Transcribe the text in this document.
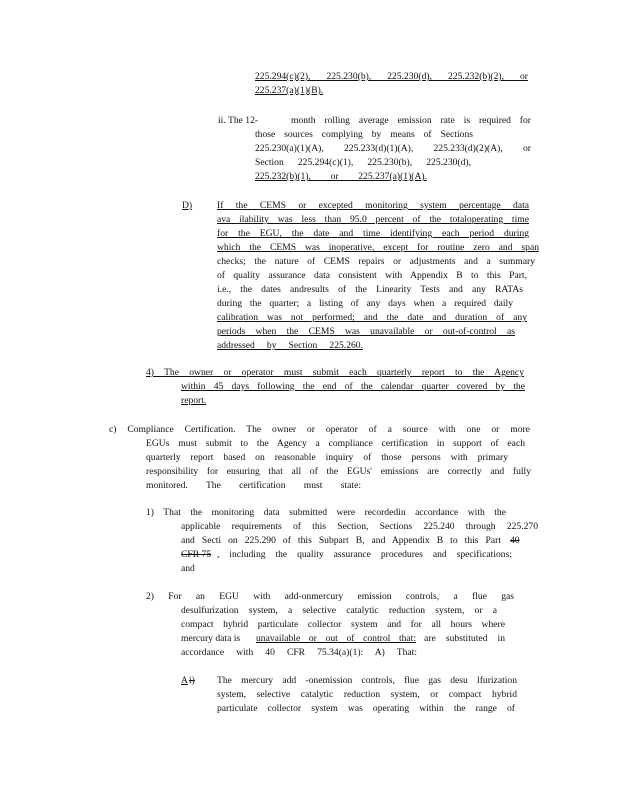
225.294(c)(2), 225.230(b), 225.230(d), 225.232(b)(2), or
225.237(a)(1)(B).
ii. The 12-	month rolling average emission rate is required for
those sources complying by means of Sections
225.230(a)(1)(A), 225.233(d)(1)(A), 225.233(d)(2)(A), or
Section 225.294(c)(1), 225.230(b), 225.230(d),
225.232(b)(1), or 225.237(a)(1)(A).
D)	If the CEMS or excepted monitoring system percentage data
ava ilability was less than 95.0 percent of the totaloperating time
for the EGU, the date and time identifying each period during
which the CEMS was inoperative, except for routine zero and span
checks; the nature of CEMS repairs or adjustments and a summary
of quality assurance data consistent with Appendix B to this Part,
i.e., the dates andresults of the Linearity Tests and any RATAs
during the quarter; a listing of any days when a required daily
calibration was not performed; and the date and duration of any
periods when the CEMS was unavailable or out-of-control as
addressed by Section 225.260.
4) The owner or operator must submit each quarterly report to the Agency
within 45 days following the end of the calendar quarter covered by the
report.
c) Compliance Certification. The owner or operator of a source with one or more
EGUs must submit to the Agency a compliance certification in support of each
quarterly report based on reasonable inquiry of those persons with primary
responsibility for ensuring that all of the EGUs' emissions are correctly and fully
monitored. The certification must state:
1) That the monitoring data submitted were recordedin accordance with the
applicable requirements of this Section, Sections 225.240 through 225.270
and Secti on 225.290 of this Subpart B, and Appendix B to this Part 40
CFR 75 , including the quality assurance procedures and specifications;
and
2) For an EGU with add-onmercury emission controls, a flue gas
desulfurization system, a selective catalytic reduction system, or a
compact hybrid particulate collector system and for all hours where
mercury data is unavailable or out of control that: are substituted in
accordance with 40 CFR 75.34(a)(1): A) That:
A i) The mercury add -onemission controls, flue gas desu lfurization
system, selective catalytic reduction system, or compact hybrid
particulate collector system was operating within the range of
